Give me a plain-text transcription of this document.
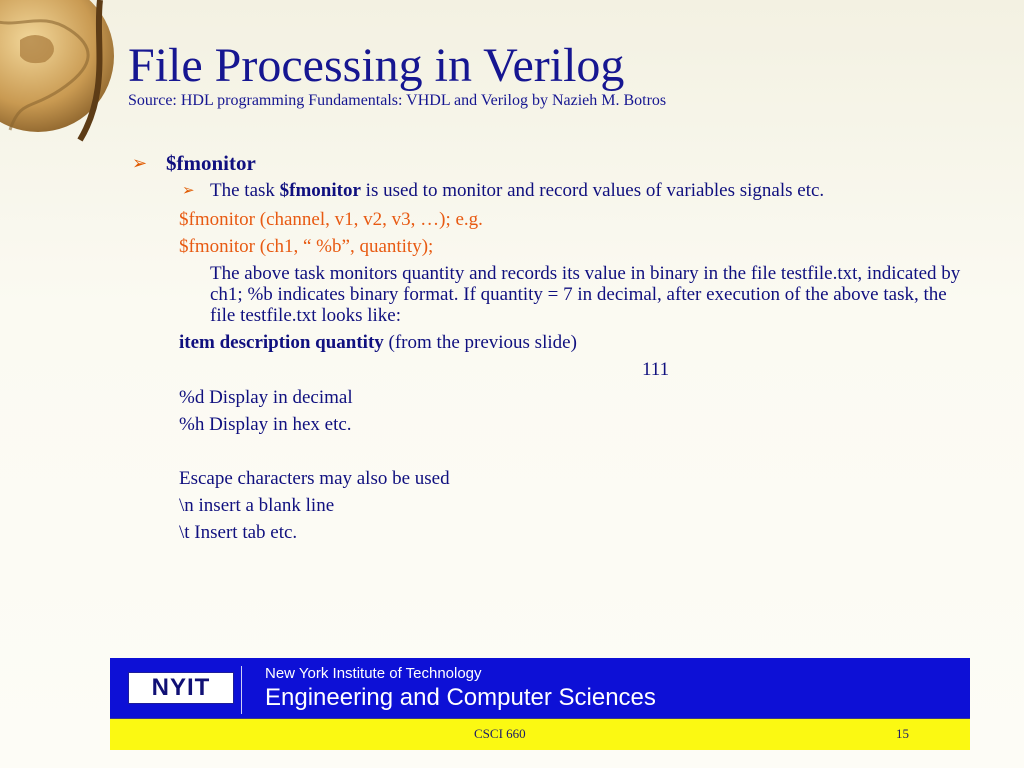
File Processing in Verilog
Source: HDL programming Fundamentals: VHDL and Verilog by Nazieh M. Botros
➢ $fmonitor
➢ The task $fmonitor is used to monitor and record values of variables signals etc.
$fmonitor (channel, v1, v2, v3, …); e.g.
$fmonitor (ch1, “ %b”, quantity);
The above task monitors quantity and records its value in binary in the file testfile.txt, indicated by ch1; %b indicates binary format. If quantity = 7 in decimal, after execution of the above task, the file testfile.txt looks like:
item description quantity (from the previous slide)
111
%d Display in decimal
%h Display in hex etc.
Escape characters may also be used
\n insert a blank line
\t Insert tab etc.
NYIT
New York Institute of Technology
Engineering and Computer Sciences
CSCI 660	15
